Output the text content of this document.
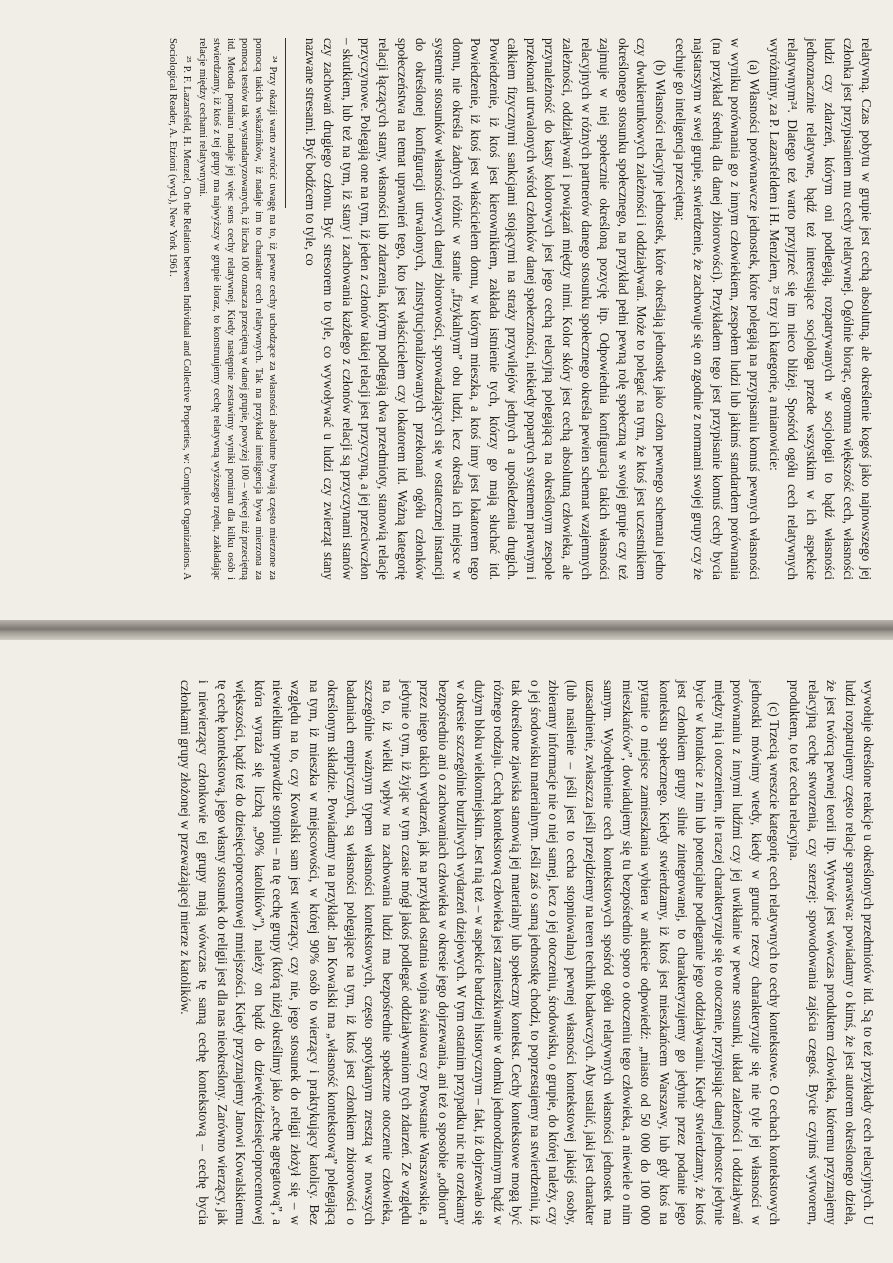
relatywną. Czas pobytu w grupie jest cechą absolutną, ale określenie kogoś jako najnowszego jej członka jest przypisaniem mu cechy relatywnej. Ogólnie biorąc, ogromna większość cech, własności ludzi czy zdarzeń, którym oni podlegają, rozpatrywanych w socjologii to bądź własności jednoznacznie relatywne, bądź też interesujące socjologa przede wszystkim w ich aspekcie relatywnym²⁴. Dlatego też warto przyjrzeć się im nieco bliżej. Spośród ogółu cech relatywnych wyróżnimy, za P. Lazarsfeldem i H. Menzlem, ²⁵ trzy ich kategorie, a mianowicie:

(a) Własności porównawcze jednostek, które polegają na przypisaniu komuś pewnych własności w wyniku porównania go z innym człowiekiem, zespołem ludzi lub jakimś standardem porównania (na przykład średnią dla danej zbiorowości). Przykładem tego jest przypisanie komuś cechy bycia najstarszym w swej grupie, stwierdzenie, że zachowuje się on zgodnie z normami swojej grupy czy że cechuje go inteligencja przeciętna;

(b) Własności relacyjne jednostek, które określają jednostkę jako człon pewnego schematu jedno czy dwukierunkowych zależności i oddziaływań. Może to polegać na tym, że ktoś jest uczestnikiem określonego stosunku społecznego, na przykład pełni pewną rolę społeczną w swojej grupie czy też zajmuje w niej społecznie określoną pozycję itp. Odpowiednia konfiguracja takich własności relacyjnych w różnych partnerów danego stosunku społecznego określa pewien schemat wzajemnych zależności, oddziaływań i powiązań między nimi. Kolor skóry jest cechą absolutną człowieka, ale przynależność do kasty kolorowych jest jego cechą relacyjną polegającą na określonym zespole przekonań utrwalonych wśród członków danej społeczności, niekiedy popartych systemem prawnym i całkiem fizycznymi sankcjami stojącymi na straży przywilejów jednych a upośledzenia drugich. Powiedzenie, iż ktoś jest kierownikiem, zakłada istnienie tych, którzy go mają słuchać itd. Powiedzenie, iż ktoś jest właścicielem domu, w którym mieszka, a ktoś inny jest lokatorem tego domu, nie określa żadnych różnic w stanie „fizykalnym” obu ludzi, lecz określa ich miejsce w systemie stosunków własnościowych danej zbiorowości, sprowadzających się w ostatecznej instancji do określonej konfiguracji utrwalonych, zinstytucjonalizowanych przekonań ogółu członków społeczeństwa na temat uprawnień tego, kto jest właścicielem czy lokatorem itd. Ważną kategorię relacji łączących stany, własności lub zdarzenia, którym podlegają dwa przedmioty, stanowią relacje przyczynowe. Polegają one na tym, iż jeden z członów takiej relacji jest przyczyną, a jej przeciwczłon – skutkiem, lub też na tym, iż stany i zachowania każdego z członów relacji są przyczynami stanów czy zachowań drugiego członu. Być stresorem to tyle, co wywoływać u ludzi czy zwierząt stany nazwane stresami. Być bodźcem to tyle, co

²⁴ Przy okazji warto zwrócić uwagę na to, iż pewne cechy uchodzące za własności absolutne bywają często mierzone za pomocą takich wskaźników, iż nadaje im to charakter cech relatywnych. Tak na przykład inteligencja bywa mierzona za pomocą testów tak wystandaryzowanych, iż liczba 100 oznacza przeciętną w danej grupie, powyżej 100 – więcej niż przeciętną itd. Metoda pomiaru nadaje jej więc sens cechy relatywnej. Kiedy następnie zestawimy wyniki pomiaru dla kilku osób i stwierdzamy, iż ktoś z tej grupy ma najwyższy w grupie iloraz, to konstruujemy cechę relatywną wyższego rzędu, zakładając relacje między cechami relatywnymi.

²⁵ P. F. Lazarsfeld, H. Menzel, On the Relation between Individual and Collective Properties, w: Complex Organizations. A Sociological Reader, A. Etzioni (wyd.), New York 1961.

wywołuje określone reakcje u określonych przedmiotów itd. Są to też przykłady cech relacyjnych. U ludzi rozpatrujemy często relacje sprawstwa: powiadamy o kimś, że jest autorem określonego dzieła, że jest twórcą pewnej teorii itp. Wytwór jest wówczas produktem człowieka, któremu przyznajemy relacyjną cechę stworzenia, czy szerzej: spowodowania zajścia czegoś. Bycie czyimś wytworem, produktem, to też cecha relacyjna.

(c) Trzecią wreszcie kategorię cech relatywnych to cechy kontekstowe. O cechach kontekstowych jednostki mówimy wtedy, kiedy w gruncie rzeczy charakteryzuje się nie tyle jej własności w porównaniu z innymi ludźmi czy jej uwikłanie w pewne stosunki, układ zależności i oddziaływań między nią i otoczeniem, ile raczej charakteryzuje się to otoczenie, przypisując danej jednostce jedynie bycie w kontakcie z nim lub potencjalne podleganie jego oddziaływaniu. Kiedy stwierdzamy, że ktoś jest członkiem grupy silnie zintegrowanej, to charakteryzujemy go jedynie przez podanie jego kontekstu społecznego. Kiedy stwierdzamy, iż ktoś jest mieszkańcem Warszawy, lub gdy ktoś na pytanie o miejsce zamieszkania wybiera w ankiecie odpowiedź: „miasto od 50 000 do 100 000 mieszkańców”, dowiadujemy się tu bezpośrednio sporo o otoczeniu tego człowieka, a niewiele o nim samym. Wyodrębnienie cech kontekstowych spośród ogółu relatywnych własności jednostek ma uzasadnienie, zwłaszcza jeśli przejdziemy na teren technik badawczych. Aby ustalić, jaki jest charakter (lub nasilenie – jeśli jest to cecha stopniowalna) pewnej własności kontekstowej jakiejś osoby, zbieramy informacje nie o niej samej, lecz o jej otoczeniu, środowisku, o grupie, do której należy, czy o jej środowisku materialnym. Jeśli zaś o samą jednostkę chodzi, to poprzestajemy na stwierdzeniu, iż tak określone zjawiska stanowią jej materialny lub społeczny kontekst. Cechy kontekstowe mogą być różnego rodzaju. Cechą kontekstową człowieka jest zamieszkiwanie w domku jednorodzinnym bądź w dużym bloku wielkomiejskim. Jest nią też – w aspekcie bardziej historycznym – fakt, iż dojrzewało się w okresie szczególnie burzliwych wydarzeń dziejowych. W tym ostatnim przypadku nic nie orzekamy bezpośrednio ani o zachowaniach człowieka w okresie jego dojrzewania, ani też o sposobie „odbioru” przez niego takich wydarzeń, jak na przykład ostatnia wojna światowa czy Powstanie Warszawskie, a jedynie o tym, iż żyjąc w tym czasie mógł jakoś podlegać oddziaływaniom tych zdarzeń. Ze względu na to, iż wielki wpływ na zachowania ludzi ma bezpośrednie społeczne otoczenie człowieka, szczególnie ważnym typem własności kontekstowych, często spotykanym zresztą w nowszych badaniach empirycznych, są własności polegające na tym, iż ktoś jest członkiem zbiorowości o określonym składzie. Powiadamy na przykład: Jan Kowalski ma „własność kontekstową” polegającą na tym, iż mieszka w miejscowości, w której 90% osób to wierzący i praktykujący katolicy. Bez względu na to, czy Kowalski sam jest wierzący, czy nie, jego stosunek do religii złożył się – w niewielkim wprawdzie stopniu – na tę cechę grupy (którą niżej określimy jako „cechę agregatową”, a która wyraża się liczbą „90% katolików”), należy on bądź do dziewięćdziesięcioprocentowej większości, bądź też do dziesięcioprocentowej mniejszości. Kiedy przyznajemy Janowi Kowalskiemu tę cechę kontekstową, jego własny stosunek do religii jest dla nas nieokreślony. Zarówno wierzący, jak i niewierzący członkowie tej grupy mają wówczas tę samą cechę kontekstową – cechę bycia członkami grupy złożonej w przeważającej mierze z katolików.
